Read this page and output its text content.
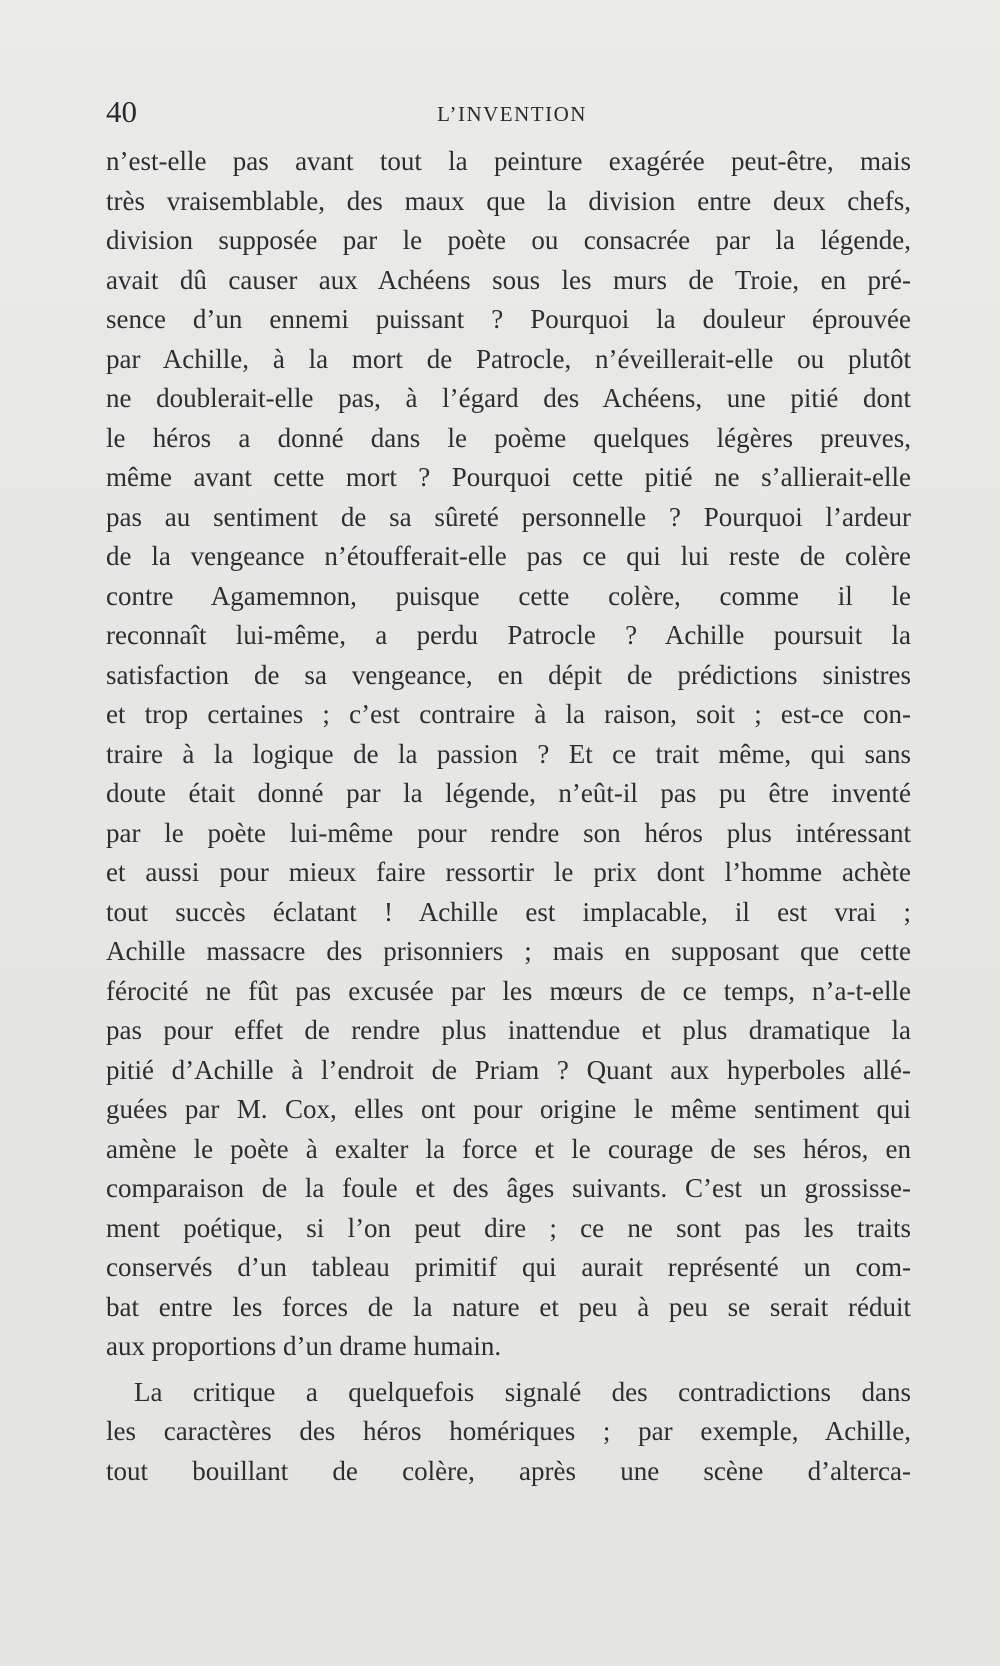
40	L’INVENTION
n’est-elle pas avant tout la peinture exagérée peut-être, mais
très vraisemblable, des maux que la division entre deux chefs,
division supposée par le poète ou consacrée par la légende,
avait dû causer aux Achéens sous les murs de Troie, en pré-
sence d’un ennemi puissant ? Pourquoi la douleur éprouvée
par Achille, à la mort de Patrocle, n’éveillerait-elle ou plutôt
ne doublerait-elle pas, à l’égard des Achéens, une pitié dont
le héros a donné dans le poème quelques légères preuves,
même avant cette mort ? Pourquoi cette pitié ne s’allierait-elle
pas au sentiment de sa sûreté personnelle ? Pourquoi l’ardeur
de la vengeance n’étoufferait-elle pas ce qui lui reste de colère
contre Agamemnon, puisque cette colère, comme il le
reconnaît lui-même, a perdu Patrocle ? Achille poursuit la
satisfaction de sa vengeance, en dépit de prédictions sinistres
et trop certaines ; c’est contraire à la raison, soit ; est-ce con-
traire à la logique de la passion ? Et ce trait même, qui sans
doute était donné par la légende, n’eût-il pas pu être inventé
par le poète lui-même pour rendre son héros plus intéressant
et aussi pour mieux faire ressortir le prix dont l’homme achète
tout succès éclatant ! Achille est implacable, il est vrai ;
Achille massacre des prisonniers ; mais en supposant que cette
férocité ne fût pas excusée par les mœurs de ce temps, n’a-t-elle
pas pour effet de rendre plus inattendue et plus dramatique la
pitié d’Achille à l’endroit de Priam ? Quant aux hyperboles allé-
guées par M. Cox, elles ont pour origine le même sentiment qui
amène le poète à exalter la force et le courage de ses héros, en
comparaison de la foule et des âges suivants. C’est un grossisse-
ment poétique, si l’on peut dire ; ce ne sont pas les traits
conservés d’un tableau primitif qui aurait représenté un com-
bat entre les forces de la nature et peu à peu se serait réduit
aux proportions d’un drame humain.
La critique a quelquefois signalé des contradictions dans
les caractères des héros homériques ; par exemple, Achille,
tout bouillant de colère, après une scène d’alterca-
